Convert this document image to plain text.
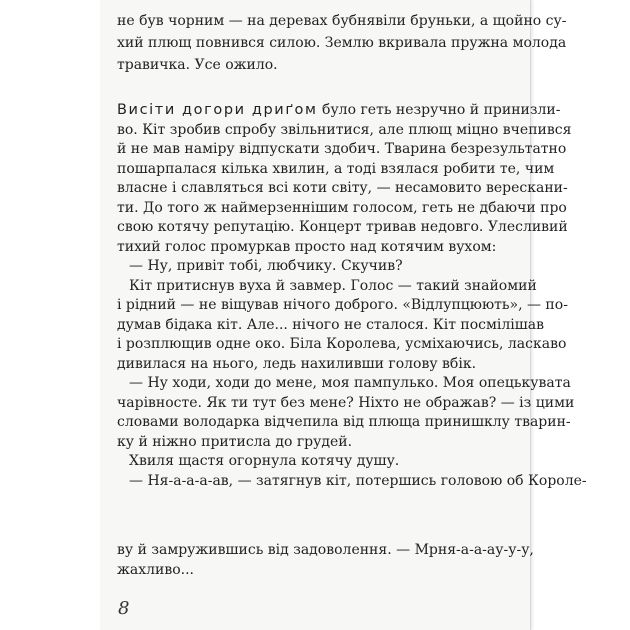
не був чорним — на деревах бубнявіли бруньки, а щойно су-
хий плющ повнився силою. Землю вкривала пружна молода
травичка. Усе ожило.
Висіти догори дриґом було геть незручно й принизли-
во. Кіт зробив спробу звільнитися, але плющ міцно вчепився
й не мав наміру відпускати здобич. Тварина безрезультатно
пошарпалася кілька хвилин, а тоді взялася робити те, чим
власне і славляться всі коти світу, — несамовито верескани-
ти. До того ж наймерзеннішим голосом, геть не дбаючи про
свою котячу репутацію. Концерт тривав недовго. Улесливий
тихий голос промуркав просто над котячим вухом:
— Ну, привіт тобі, любчику. Скучив?
Кіт притиснув вуха й завмер. Голос — такий знайомий
і рідний — не віщував нічого доброго. «Відлупцюють», — по-
думав бідака кіт. Але... нічого не сталося. Кіт посмілішав
і розплющив одне око. Біла Королева, усміхаючись, ласкаво
дивилася на нього, ледь нахиливши голову вбік.
— Ну ходи, ходи до мене, моя пампулько. Моя опецькувата
чарівносте. Як ти тут без мене? Ніхто не ображав? — із цими
словами володарка відчепила від плюща принишклу тварин-
ку й ніжно притисла до грудей.
Хвиля щастя огорнула котячу душу.
— Ня-а-а-а-ав, — затягнув кіт, потершись головою об Короле-
ву й замружившись від задоволення. — Мрня-а-а-ау-у-у,
жахливо...
8
